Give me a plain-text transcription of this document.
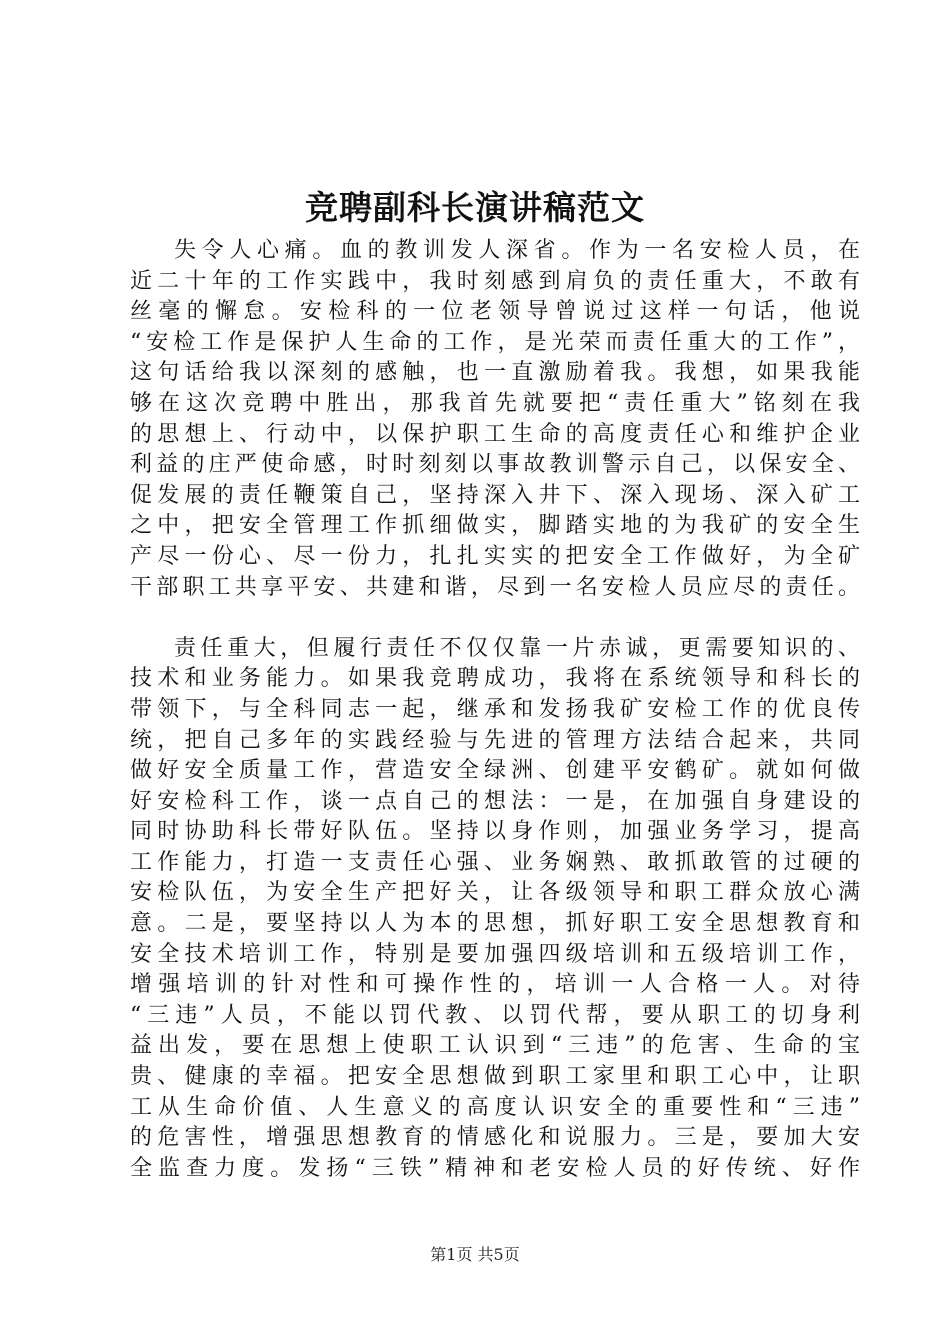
竞聘副科长演讲稿范文
失令人心痛。血的教训发人深省。作为一名安检人员，在
近二十年的工作实践中，我时刻感到肩负的责任重大，不敢有
丝毫的懈怠。安检科的一位老领导曾说过这样一句话，他说
“安检工作是保护人生命的工作，是光荣而责任重大的工作”，
这句话给我以深刻的感触，也一直激励着我。我想，如果我能
够在这次竞聘中胜出，那我首先就要把“责任重大”铭刻在我
的思想上、行动中，以保护职工生命的高度责任心和维护企业
利益的庄严使命感，时时刻刻以事故教训警示自己，以保安全、
促发展的责任鞭策自己，坚持深入井下、深入现场、深入矿工
之中，把安全管理工作抓细做实，脚踏实地的为我矿的安全生
产尽一份心、尽一份力，扎扎实实的把安全工作做好，为全矿
干部职工共享平安、共建和谐，尽到一名安检人员应尽的责任。
责任重大，但履行责任不仅仅靠一片赤诚，更需要知识的、
技术和业务能力。如果我竞聘成功，我将在系统领导和科长的
带领下，与全科同志一起，继承和发扬我矿安检工作的优良传
统，把自己多年的实践经验与先进的管理方法结合起来，共同
做好安全质量工作，营造安全绿洲、创建平安鹤矿。就如何做
好安检科工作，谈一点自己的想法：一是，在加强自身建设的
同时协助科长带好队伍。坚持以身作则，加强业务学习，提高
工作能力，打造一支责任心强、业务娴熟、敢抓敢管的过硬的
安检队伍，为安全生产把好关，让各级领导和职工群众放心满
意。二是，要坚持以人为本的思想，抓好职工安全思想教育和
安全技术培训工作，特别是要加强四级培训和五级培训工作，
增强培训的针对性和可操作性的，培训一人合格一人。对待
“三违”人员，不能以罚代教、以罚代帮，要从职工的切身利
益出发，要在思想上使职工认识到“三违”的危害、生命的宝
贵、健康的幸福。把安全思想做到职工家里和职工心中，让职
工从生命价值、人生意义的高度认识安全的重要性和“三违”
的危害性，增强思想教育的情感化和说服力。三是，要加大安
全监查力度。发扬“三铁”精神和老安检人员的好传统、好作
第1页 共5页
